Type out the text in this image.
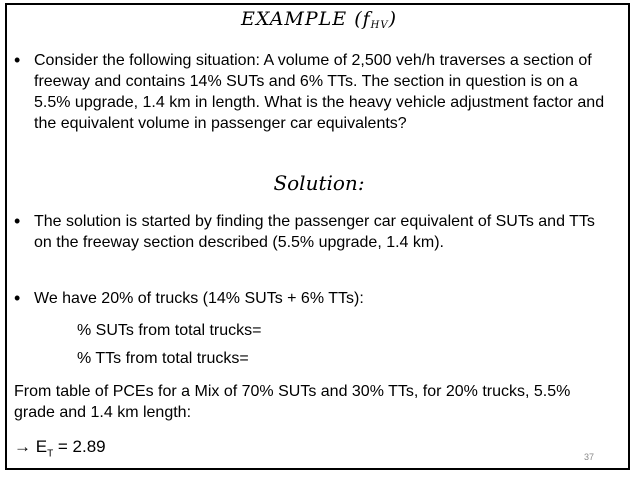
EXAMPLE $(f_{HV})$
• Consider the following situation: A volume of 2,500 veh/h traverses a section of freeway and contains 14% SUTs and 6% TTs. The section in question is on a 5.5% upgrade, 1.4 km in length. What is the heavy vehicle adjustment factor and the equivalent volume in passenger car equivalents?
Solution:
• The solution is started by finding the passenger car equivalent of SUTs and TTs on the freeway section described (5.5% upgrade, 1.4 km).
• We have 20% of trucks (14% SUTs + 6% TTs):
% SUTs from total trucks=
% TTs from total trucks=
From table of PCEs for a Mix of 70% SUTs and 30% TTs, for 20% trucks, 5.5% grade and 1.4 km length:
→ $E_T = 2.89$
37
